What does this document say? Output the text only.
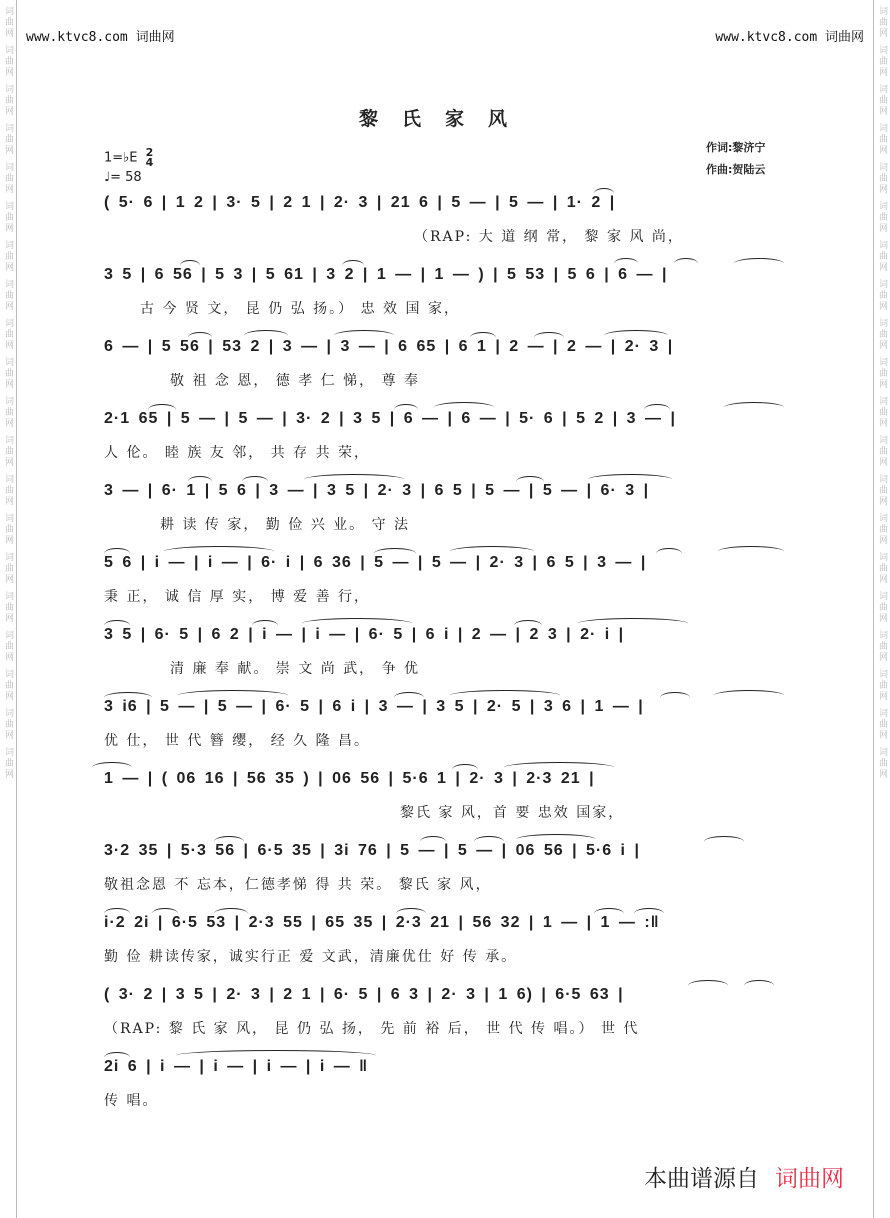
词曲网
词曲网
词曲网
词曲网
词曲网
词曲网
词曲网
词曲网
词曲网
词曲网
词曲网
词曲网
词曲网
词曲网
词曲网
词曲网
词曲网
词曲网
词曲网
词曲网
词曲网
词曲网
词曲网
词曲网
词曲网
词曲网
词曲网
词曲网
词曲网
词曲网
词曲网
词曲网
词曲网
词曲网
词曲网
词曲网
词曲网
词曲网
词曲网
词曲网
www.ktvc8.com 词曲网	www.ktvc8.com 词曲网
黎氏家风
1=♭E 2
4
♩= 58
作词:黎济宁
作曲:贺陆云
( 5· 6 | 1 2 | 3· 5 | 2 1 | 2· 3 | 21 6 | 5 — | 5 — | 1· 2 |
（RAP: 大 道 纲 常， 黎 家 风 尚，
3 5 | 6 56 | 5 3 | 5 61 | 3 2 | 1 — | 1 — ) | 5 53 | 5 6 | 6 — |
古 今 贤 文， 昆 仍 弘 扬。） 忠 效 国 家，
6 — | 5 56 | 53 2 | 3 — | 3 — | 6 65 | 6 1 | 2 — | 2 — | 2· 3 |
敬 祖 念 恩， 德 孝 仁 悌， 尊 奉
2·1 65 | 5 — | 5 — | 3· 2 | 3 5 | 6 — | 6 — | 5· 6 | 5 2 | 3 — |
人 伦。 睦 族 友 邻， 共 存 共 荣，
3 — | 6· 1 | 5 6 | 3 — | 3 5 | 2· 3 | 6 5 | 5 — | 5 — | 6· 3 |
耕 读 传 家， 勤 俭 兴 业。 守 法
5 6 | i — | i — | 6· i | 6 36 | 5 — | 5 — | 2· 3 | 6 5 | 3 — |
秉 正， 诚 信 厚 实， 博 爱 善 行，
3 5 | 6· 5 | 6 2 | i — | i — | 6· 5 | 6 i | 2 — | 2 3 | 2· i |
清 廉 奉 献。 崇 文 尚 武， 争 优
3 i6 | 5 — | 5 — | 6· 5 | 6 i | 3 — | 3 5 | 2· 5 | 3 6 | 1 — |
优 仕， 世 代 簪 缨， 经 久 隆 昌。
1 — | ( 06 16 | 56 35 ) | 06 56 | 5·6 1 | 2· 3 | 2·3 21 |
黎氏 家 风，首 要 忠效 国家，
3·2 35 | 5·3 56 | 6·5 35 | 3i 76 | 5 — | 5 — | 06 56 | 5·6 i |
敬祖念恩 不 忘本，仁德孝悌 得 共 荣。 黎氏 家 风，
i·2 2i | 6·5 53 | 2·3 55 | 65 35 | 2·3 21 | 56 32 | 1 — | 1 — :‖
勤 俭 耕读传家，诚实行正 爱 文武，清廉优仕 好 传 承。
( 3· 2 | 3 5 | 2· 3 | 2 1 | 6· 5 | 6 3 | 2· 3 | 1 6) | 6·5 63 |
（RAP: 黎 氏 家 风， 昆 仍 弘 扬， 先 前 裕 后， 世 代 传 唱。） 世 代
2i 6 | i — | i — | i — | i — ‖
传 唱。
本曲谱源自 词曲网
